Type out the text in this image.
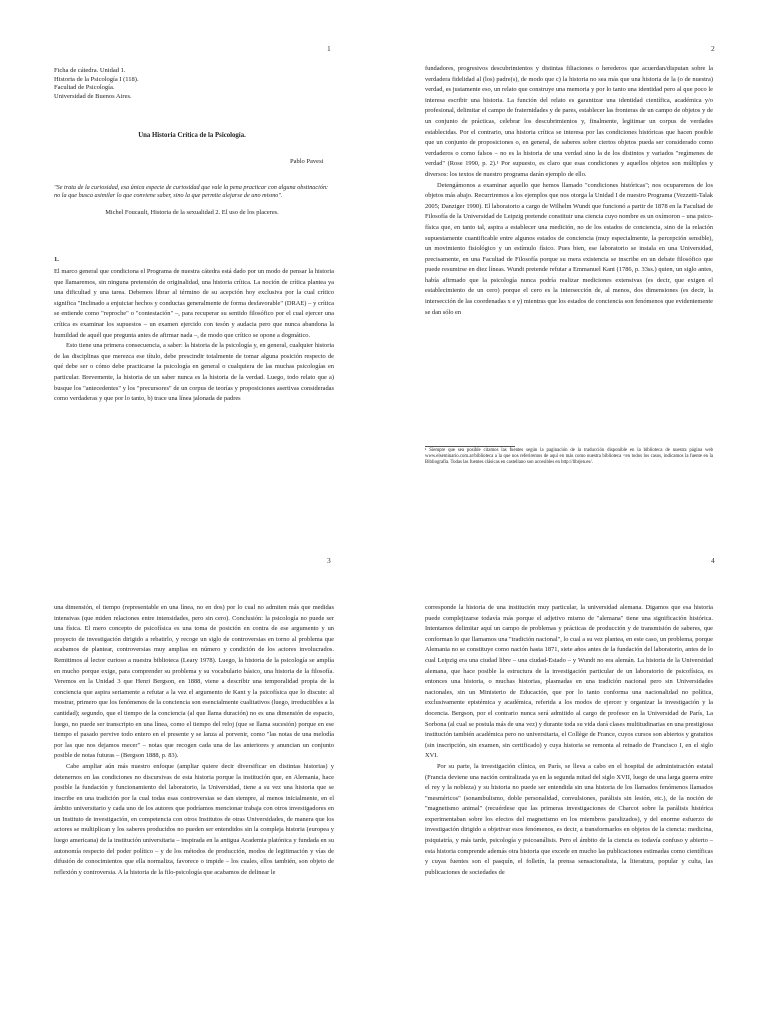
1
Ficha de cátedra. Unidad 1.
Historia de la Psicología I (118).
Facultad de Psicología.
Universidad de Buenos Aires.
Una Historia Crítica de la Psicología.
Pablo Pavesi
"Se trata de la curiosidad, esa única especie de curiosidad que vale la pena practicar con alguna obstinación: no la que busca asimilar lo que conviene saber, sino la que permite alejarse de uno mismo".
Michel Foucault, Historia de la sexualidad 2. El uso de los placeres.
1.

El marco general que condiciona el Programa de nuestra cátedra está dado por un modo de pensar la historia que llamaremos, sin ninguna pretensión de originalidad, una historia crítica. La noción de crítica plantea ya una dificultad y una tarea. Debemos librar al término de su acepción hoy exclusiva por la cual crítico significa "Inclinado a enjuiciar hechos y conductas generalmente de forma desfavorable" (DRAE) – y crítica se entiende como "reproche" o "contestación" –, para recuperar su sentido filosófico por el cual ejercer una crítica es examinar los supuestos – un examen ejercido con tesón y audacia pero que nunca abandona la humildad de aquél que pregunta antes de afirmar nada –, de modo que crítico se opone a dogmático.

Esto tiene una primera consecuencia, a saber: la historia de la psicología y, en general, cualquier historia de las disciplinas que merezca ese título, debe prescindir totalmente de tomar alguna posición respecto de qué debe ser o cómo debe practicarse la psicología en general o cualquiera de las muchas psicologías en particular. Brevemente, la historia de un saber nunca es la historia de la verdad. Luego, todo relato que a) busque los "antecedentes" y los "precursores" de un corpus de teorías y proposiciones asertivas consideradas como verdaderas y que por lo tanto, b) trace una línea jalonada de padres

2

fundadores, progresivos descubrimientos y distintas filiaciones o herederos que acuerdan/disputan sobre la verdadera fidelidad al (los) padre(s), de modo que c) la historia no sea más que una historia de la (o de nuestra) verdad, es justamente eso, un relato que construye una memoria y por lo tanto una identidad pero al que poco le interesa escribir una historia. La función del relato es garantizar una identidad científica, académica y/o profesional, delimitar el campo de fraternidades y de pares, establecer las fronteras de un campo de objetos y de un conjunto de prácticas, celebrar los descubrimientos y, finalmente, legitimar un corpus de verdades establecidas. Por el contrario, una historia crítica se interesa por las condiciones históricas que hacen posible que un conjunto de proposiciones o, en general, de saberes sobre ciertos objetos pueda ser considerado como verdaderos o como falsos – no es la historia de una verdad sino la de los distintos y variados "regímenes de verdad" (Rose 1990, p. 2).¹ Por supuesto, es claro que esas condiciones y aquellos objetos son múltiples y diversos: los textos de nuestro programa darán ejemplo de ello.

Detengámonos a examinar aquello que hemos llamado "condiciones históricas"; nos ocuparemos de los objetos más abajo. Recurriremos a los ejemplos que nos otorga la Unidad I de nuestro Programa (Vezzetti-Talak 2005; Danziger 1990). El laboratorio a cargo de Wilhelm Wundt que funcionó a partir de 1878 en la Facultad de Filosofía de la Universidad de Leipzig pretende constituir una ciencia cuyo nombre es un oxímoron – una psico-física que, en tanto tal, aspira a establecer una medición, no de los estados de conciencia, sino de la relación supuestamente cuantificable entre algunos estados de conciencia (muy especialmente, la percepción sensible), un movimiento fisiológico y un estímulo físico. Pues bien, ese laboratorio se instala en una Universidad, precisamente, en una Facultad de Filosofía porque su mera existencia se inscribe en un debate filosófico que puede resumirse en diez líneas. Wundt pretende refutar a Emmanuel Kant (1786, p. 33ss.) quien, un siglo antes, había afirmado que la psicología nunca podría realizar mediciones extensivas (es decir, que exigen el establecimiento de un cero) porque el cero es la intersección de, al menos, dos dimensiones (es decir, la intersección de las coordenadas x e y) mientras que los estados de conciencia son fenómenos que evidentemente se dan sólo en

¹ Siempre que sea posible citamos las fuentes según la paginación de la traducción disponible en la biblioteca de nuestra página web www.elseminario.com.ar/biblioteca a la que nos referiremos de aquí en más como nuestra biblioteca <en todos los casos, indicamos la fuente en la Bibliografía. Todas las fuentes clásicas en castellano son accesibles en http://librjen.es/.
3

una dimensión, el tiempo (representable en una línea, no en dos) por lo cual no admiten más que medidas intensivas (que miden relaciones entre intensidades, pero sin cero). Conclusión: la psicología no puede ser una física. El mero concepto de psicofísica es una toma de posición en contra de ese argumento y un proyecto de investigación dirigido a rebatirlo, y recoge un siglo de controversias en torno al problema que acabamos de plantear, controversias muy amplias en número y condición de los actores involucrados. Remitimos al lector curioso a nuestra biblioteca (Leary 1978). Luego, la historia de la psicología se amplía en mucho porque exige, para comprender su problema y su vocabulario básico, una historia de la filosofía. Veremos en la Unidad 3 que Henri Bergson, en 1888, viene a describir una temporalidad propia de la conciencia que aspira seriamente a refutar a la vez el argumento de Kant y la psicofísica que lo discute: al mostrar, primero que los fenómenos de la conciencia son esencialmente cualitativos (luego, irreductibles a la cantidad); segundo, que el tiempo de la conciencia (al que llama duración) no es una dimensión de espacio, luego, no puede ser transcripto en una línea, como el tiempo del reloj (que se llama sucesión) porque en ese tiempo el pasado pervive todo entero en el presente y se lanza al porvenir, como "las notas de una melodía por las que nos dejamos mecer" – notas que recogen cada una de las anteriores y anuncian un conjunto posible de notas futuras – (Bergson 1888, p. 83).

Cabe ampliar aún más nuestro enfoque (ampliar quiere decir diversificar en distintas historias) y detenernos en las condiciones no discursivas de esta historia porque la institución que, en Alemania, hace posible la fundación y funcionamiento del laboratorio, la Universidad, tiene a su vez una historia que se inscribe en una tradición por la cual todas esas controversias se dan siempre, al menos inicialmente, en el ámbito universitario y cada uno de los autores que podríamos mencionar trabaja con otros investigadores en un Instituto de investigación, en competencia con otros Institutos de otras Universidades, de manera que los actores se multiplican y los saberes producidos no pueden ser entendidos sin la compleja historia (europea y luego americana) de la institución universitaria – inspirada en la antigua Academia platónica y fundada en su autonomía respecto del poder político – y de los métodos de producción, modos de legitimación y vías de difusión de conocimientos que ella normaliza, favorece o impide – los cuales, ellos también, son objeto de reflexión y controversia. A la historia de la filo-psicología que acabamos de delinear le

4

corresponde la historia de una institución muy particular, la universidad alemana. Digamos que esa historia puede complejizarse todavía más porque el adjetivo mismo de "alemana" tiene una significación histórica. Intentamos delimitar aquí un campo de problemas y prácticas de producción y de transmisión de saberes, que conforman lo que llamamos una "tradición nacional", lo cual a su vez plantea, en este caso, un problema, porque Alemania no se constituye como nación hasta 1871, siete años antes de la fundación del laboratorio, antes de lo cual Leipzig era una ciudad libre – una ciudad-Estado – y Wundt no era alemán. La historia de la Universidad alemana, que hace posible la estructura de la investigación particular de un laboratorio de psicofísica, es entonces una historia, o muchas historias, plasmadas en una tradición nacional pero sin Universidades nacionales, sin un Ministerio de Educación, que por lo tanto conforma una nacionalidad no política, exclusivamente epistémica y académica, referida a los modos de ejercer y organizar la investigación y la docencia. Bergson, por el contrario nunca será admitido al cargo de profesor en la Universidad de París, La Sorbona (al cual se postula más de una vez) y durante toda su vida dará clases multitudinarias en una prestigiosa institución también académica pero no universitaria, el Collège de France, cuyos cursos son abiertos y gratuitos (sin inscripción, sin examen, sin certificado) y cuya historia se remonta al reinado de Francisco I, en el siglo XVI.

Por su parte, la investigación clínica, en París, se lleva a cabo en el hospital de administración estatal (Francia deviene una nación centralizada ya en la segunda mitad del siglo XVII, luego de una larga guerra entre el rey y la nobleza) y su historia no puede ser entendida sin una historia de los llamados fenómenos llamados "mesméricos" (sonambulismo, doble personalidad, convulsiones, parálisis sin lesión, etc.), de la noción de "magnetismo animal" (recuérdese que las primeras investigaciones de Charcot sobre la parálisis histérica experimentaban sobre los efectos del magnetismo en los miembros paralizados), y del enorme esfuerzo de investigación dirigido a objetivar esos fenómenos, es decir, a transformarlos en objetos de la ciencia: medicina, psiquiatría, y más tarde, psicología y psicoanálisis. Pero el ámbito de la ciencia es todavía confuso y abierto – esta historia comprende además otra historia que excede en mucho las publicaciones estimadas como científicas y cuyas fuentes son el pasquín, el folletín, la prensa sensacionalista, la literatura, popular y culta, las publicaciones de sociedades de
